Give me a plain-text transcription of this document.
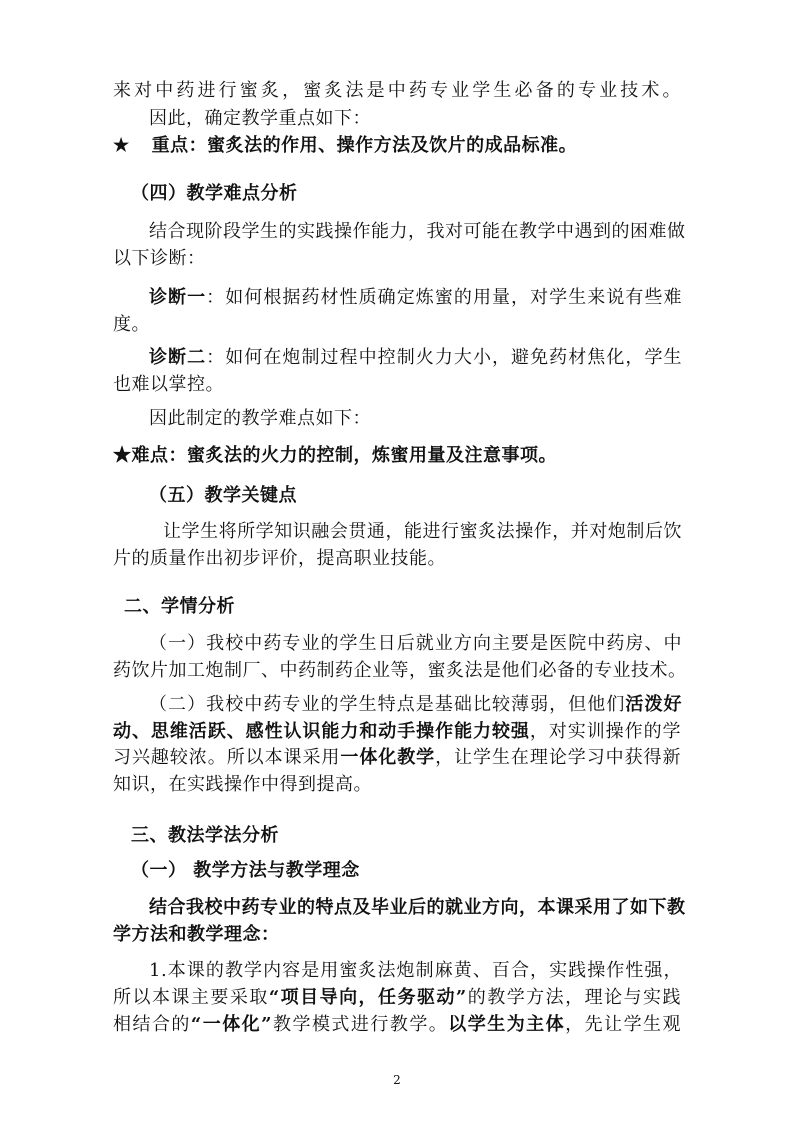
来对中药进行蜜炙，蜜炙法是中药专业学生必备的专业技术。
因此，确定教学重点如下：
★ 重点：蜜炙法的作用、操作方法及饮片的成品标准。
（四）教学难点分析
结合现阶段学生的实践操作能力，我对可能在教学中遇到的困难做
以下诊断：
诊断一：如何根据药材性质确定炼蜜的用量，对学生来说有些难
度。
诊断二：如何在炮制过程中控制火力大小，避免药材焦化，学生
也难以掌控。
因此制定的教学难点如下：
★难点：蜜炙法的火力的控制，炼蜜用量及注意事项。
（五）教学关键点
让学生将所学知识融会贯通，能进行蜜炙法操作，并对炮制后饮
片的质量作出初步评价，提高职业技能。
二、学情分析
（一）我校中药专业的学生日后就业方向主要是医院中药房、中
药饮片加工炮制厂、中药制药企业等，蜜炙法是他们必备的专业技术。
（二）我校中药专业的学生特点是基础比较薄弱，但他们活泼好
动、思维活跃、感性认识能力和动手操作能力较强，对实训操作的学
习兴趣较浓。所以本课采用一体化教学，让学生在理论学习中获得新
知识，在实践操作中得到提高。
三、教法学法分析
（一） 教学方法与教学理念
结合我校中药专业的特点及毕业后的就业方向，本课采用了如下教
学方法和教学理念：
1.本课的教学内容是用蜜炙法炮制麻黄、百合，实践操作性强，
所以本课主要采取“项目导向，任务驱动”的教学方法，理论与实践
相结合的“一体化”教学模式进行教学。以学生为主体，先让学生观
2
